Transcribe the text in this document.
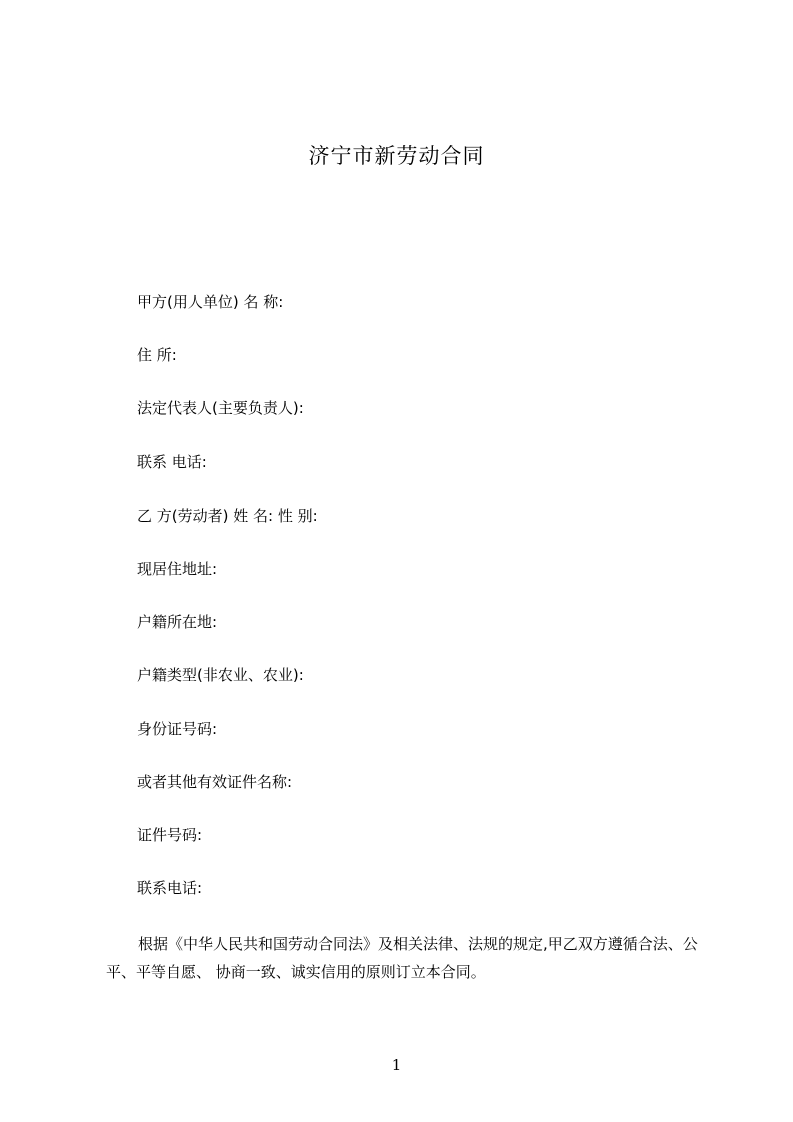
济宁市新劳动合同
甲方(用人单位) 名 称:
住 所:
法定代表人(主要负责人):
联系 电话:
乙 方(劳动者) 姓 名: 性 别:
现居住地址:
户籍所在地:
户籍类型(非农业、农业):
身份证号码:
或者其他有效证件名称:
证件号码:
联系电话:

根据《中华人民共和国劳动合同法》及相关法律、法规的规定,甲乙双方遵循合法、公平、平等自愿、 协商一致、诚实信用的原则订立本合同。

1
